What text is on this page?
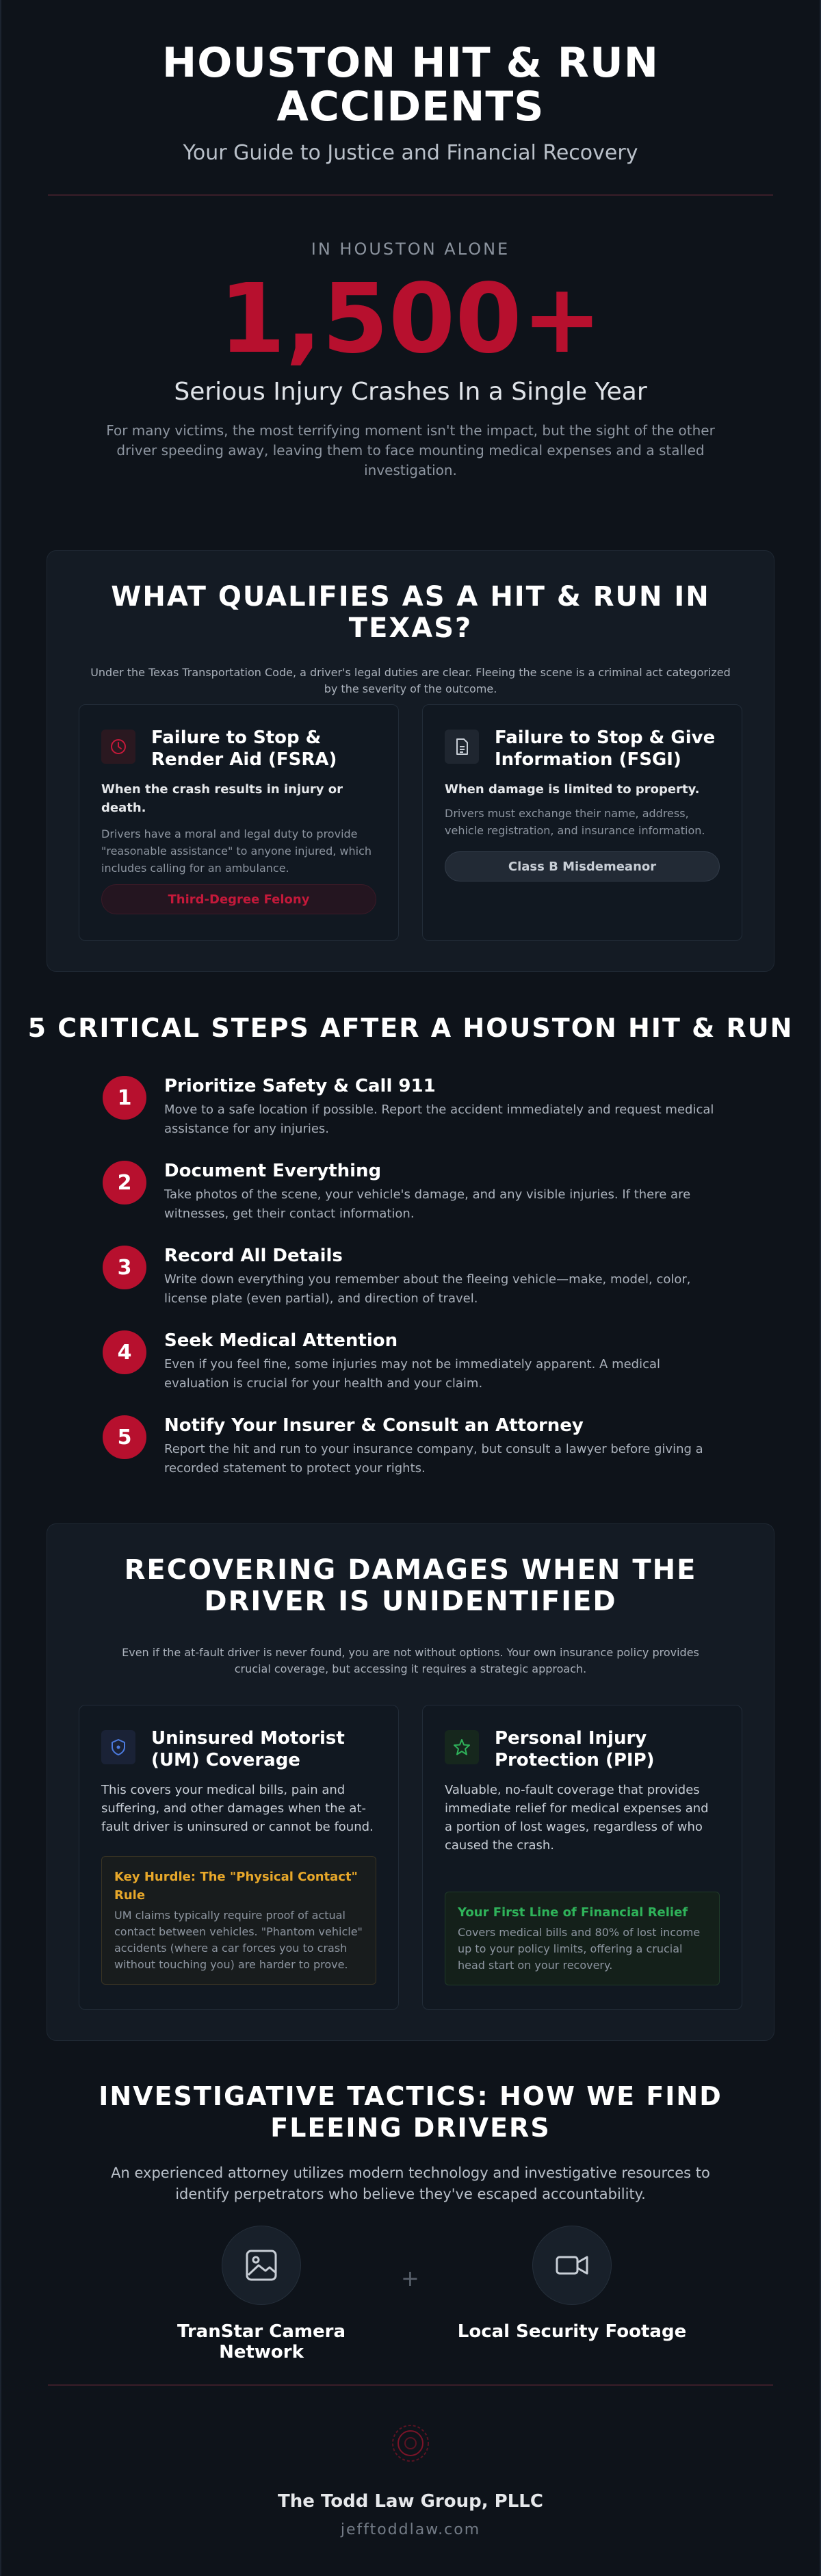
HOUSTON HIT & RUN ACCIDENTS
Your Guide to Justice and Financial Recovery
IN HOUSTON ALONE
1,500+
Serious Injury Crashes In a Single Year
For many victims, the most terrifying moment isn't the impact, but the sight of the other driver speeding away, leaving them to face mounting medical expenses and a stalled investigation.
WHAT QUALIFIES AS A HIT & RUN IN TEXAS?
Under the Texas Transportation Code, a driver's legal duties are clear. Fleeing the scene is a criminal act categorized by the severity of the outcome.
Failure to Stop & Render Aid (FSRA)
When the crash results in injury or death.
Drivers have a moral and legal duty to provide "reasonable assistance" to anyone injured, which includes calling for an ambulance.
Third-Degree Felony
Failure to Stop & Give Information (FSGI)
When damage is limited to property.
Drivers must exchange their name, address, vehicle registration, and insurance information.
Class B Misdemeanor
5 CRITICAL STEPS AFTER A HOUSTON HIT & RUN
1	Prioritize Safety & Call 911
Move to a safe location if possible. Report the accident immediately and request medical assistance for any injuries.
2	Document Everything
Take photos of the scene, your vehicle's damage, and any visible injuries. If there are witnesses, get their contact information.
3	Record All Details
Write down everything you remember about the fleeing vehicle—make, model, color, license plate (even partial), and direction of travel.
4	Seek Medical Attention
Even if you feel fine, some injuries may not be immediately apparent. A medical evaluation is crucial for your health and your claim.
5	Notify Your Insurer & Consult an Attorney
Report the hit and run to your insurance company, but consult a lawyer before giving a recorded statement to protect your rights.
RECOVERING DAMAGES WHEN THE DRIVER IS UNIDENTIFIED
Even if the at-fault driver is never found, you are not without options. Your own insurance policy provides crucial coverage, but accessing it requires a strategic approach.
Uninsured Motorist (UM) Coverage
This covers your medical bills, pain and suffering, and other damages when the at-fault driver is uninsured or cannot be found.
Key Hurdle: The "Physical Contact" Rule
UM claims typically require proof of actual contact between vehicles. "Phantom vehicle" accidents (where a car forces you to crash without touching you) are harder to prove.
Personal Injury Protection (PIP)
Valuable, no-fault coverage that provides immediate relief for medical expenses and a portion of lost wages, regardless of who caused the crash.
Your First Line of Financial Relief
Covers medical bills and 80% of lost income up to your policy limits, offering a crucial head start on your recovery.
INVESTIGATIVE TACTICS: HOW WE FIND FLEEING DRIVERS
An experienced attorney utilizes modern technology and investigative resources to identify perpetrators who believe they've escaped accountability.
TranStar Camera Network
+
Local Security Footage
The Todd Law Group, PLLC
jefftoddlaw.com
